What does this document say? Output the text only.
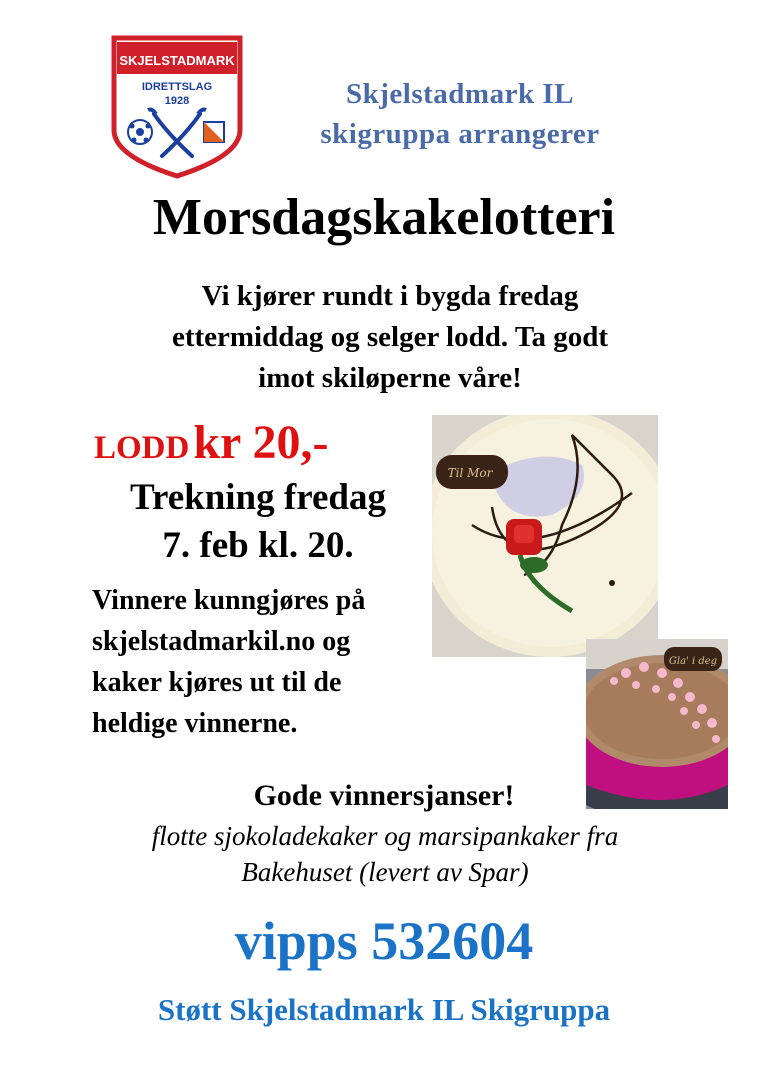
SKJELSTADMARK
IDRETTSLAG
1928	Skjelstadmark IL
skigruppa arrangerer
Morsdagskakelotteri
Vi kjører rundt i bygda fredag
ettermiddag og selger lodd. Ta godt
imot skiløperne våre!
LODD kr 20,-
Trekning fredag
7. feb kl. 20.
Vinnere kunngjøres på
skjelstadmarkil.no og
kaker kjøres ut til de
heldige vinnerne.
Til Mor
Gla' i deg
Gode vinnersjanser!
flotte sjokoladekaker og marsipankaker fra
Bakehuset (levert av Spar)
vipps 532604
Støtt Skjelstadmark IL Skigruppa
